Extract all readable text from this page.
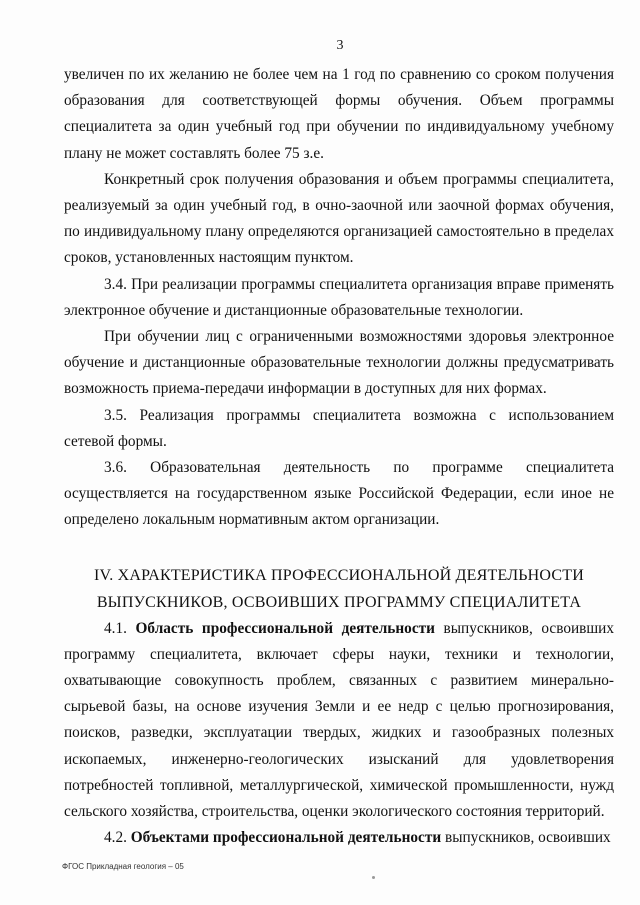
3

увеличен по их желанию не более чем на 1 год по сравнению со сроком получения образования для соответствующей формы обучения. Объем программы специалитета за один учебный год при обучении по индивидуальному учебному плану не может составлять более 75 з.е.

Конкретный срок получения образования и объем программы специалитета, реализуемый за один учебный год, в очно-заочной или заочной формах обучения, по индивидуальному плану определяются организацией самостоятельно в пределах сроков, установленных настоящим пунктом.

3.4. При реализации программы специалитета организация вправе применять электронное обучение и дистанционные образовательные технологии.

При обучении лиц с ограниченными возможностями здоровья электронное обучение и дистанционные образовательные технологии должны предусматривать возможность приема-передачи информации в доступных для них формах.

3.5. Реализация программы специалитета возможна с использованием сетевой формы.

3.6. Образовательная деятельность по программе специалитета осуществляется на государственном языке Российской Федерации, если иное не определено локальным нормативным актом организации.

IV. ХАРАКТЕРИСТИКА ПРОФЕССИОНАЛЬНОЙ ДЕЯТЕЛЬНОСТИ
ВЫПУСКНИКОВ, ОСВОИВШИХ ПРОГРАММУ СПЕЦИАЛИТЕТА

4.1. Область профессиональной деятельности выпускников, освоивших программу специалитета, включает сферы науки, техники и технологии, охватывающие совокупность проблем, связанных с развитием минерально-сырьевой базы, на основе изучения Земли и ее недр с целью прогнозирования, поисков, разведки, эксплуатации твердых, жидких и газообразных полезных ископаемых, инженерно-геологических изысканий для удовлетворения потребностей топливной, металлургической, химической промышленности, нужд сельского хозяйства, строительства, оценки экологического состояния территорий.

4.2. Объектами профессиональной деятельности выпускников, освоивших

ФГОС Прикладная геология – 05
